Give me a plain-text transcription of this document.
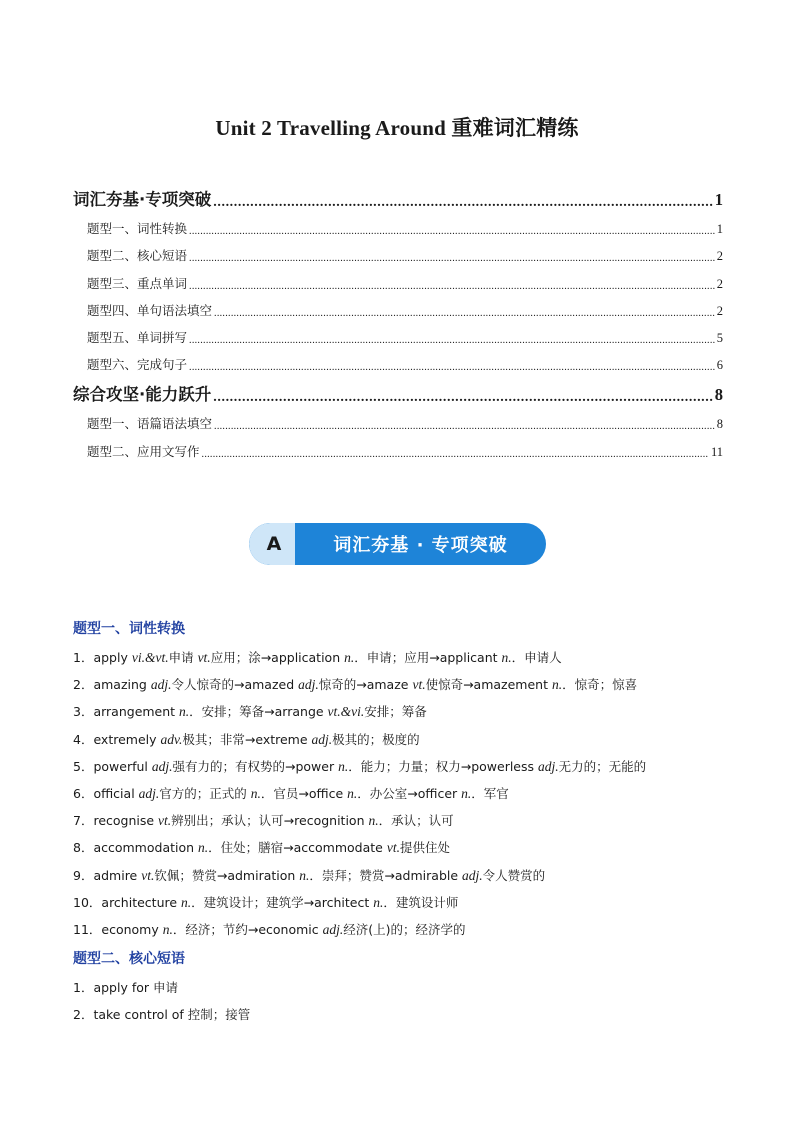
Unit 2 Travelling Around 重难词汇精练
词汇夯基·专项突破 .....	1
题型一、词性转换 .....	1
题型二、核心短语 .....	2
题型三、重点单词 .....	2
题型四、单句语法填空 .....	2
题型五、单词拼写 .....	5
题型六、完成句子 .....	6
综合攻坚·能力跃升 .....	8
题型一、语篇语法填空 .....	8
题型二、应用文写作 .....	11
A	词汇夯基 · 专项突破
题型一、词性转换
1．apply vi.&vt.申请 vt.应用；涂→application n.．申请；应用→applicant n.．申请人
2．amazing adj.令人惊奇的→amazed adj.惊奇的→amaze vt.使惊奇→amazement n.．惊奇；惊喜
3．arrangement n.．安排；筹备→arrange vt.&vi.安排；筹备
4．extremely adv.极其；非常→extreme adj.极其的；极度的
5．powerful adj.强有力的；有权势的→power n.．能力；力量；权力→powerless adj.无力的；无能的
6．official adj.官方的；正式的 n.．官员→office n.．办公室→officer n.．军官
7．recognise vt.辨别出；承认；认可→recognition n.．承认；认可
8．accommodation n.．住处；膳宿→accommodate vt.提供住处
9．admire vt.钦佩；赞赏→admiration n.．崇拜；赞赏→admirable adj.令人赞赏的
10．architecture n.．建筑设计；建筑学→architect n.．建筑设计师
11．economy n.．经济；节约→economic adj.经济(上)的；经济学的
题型二、核心短语
1．apply for 申请
2．take control of 控制；接管
